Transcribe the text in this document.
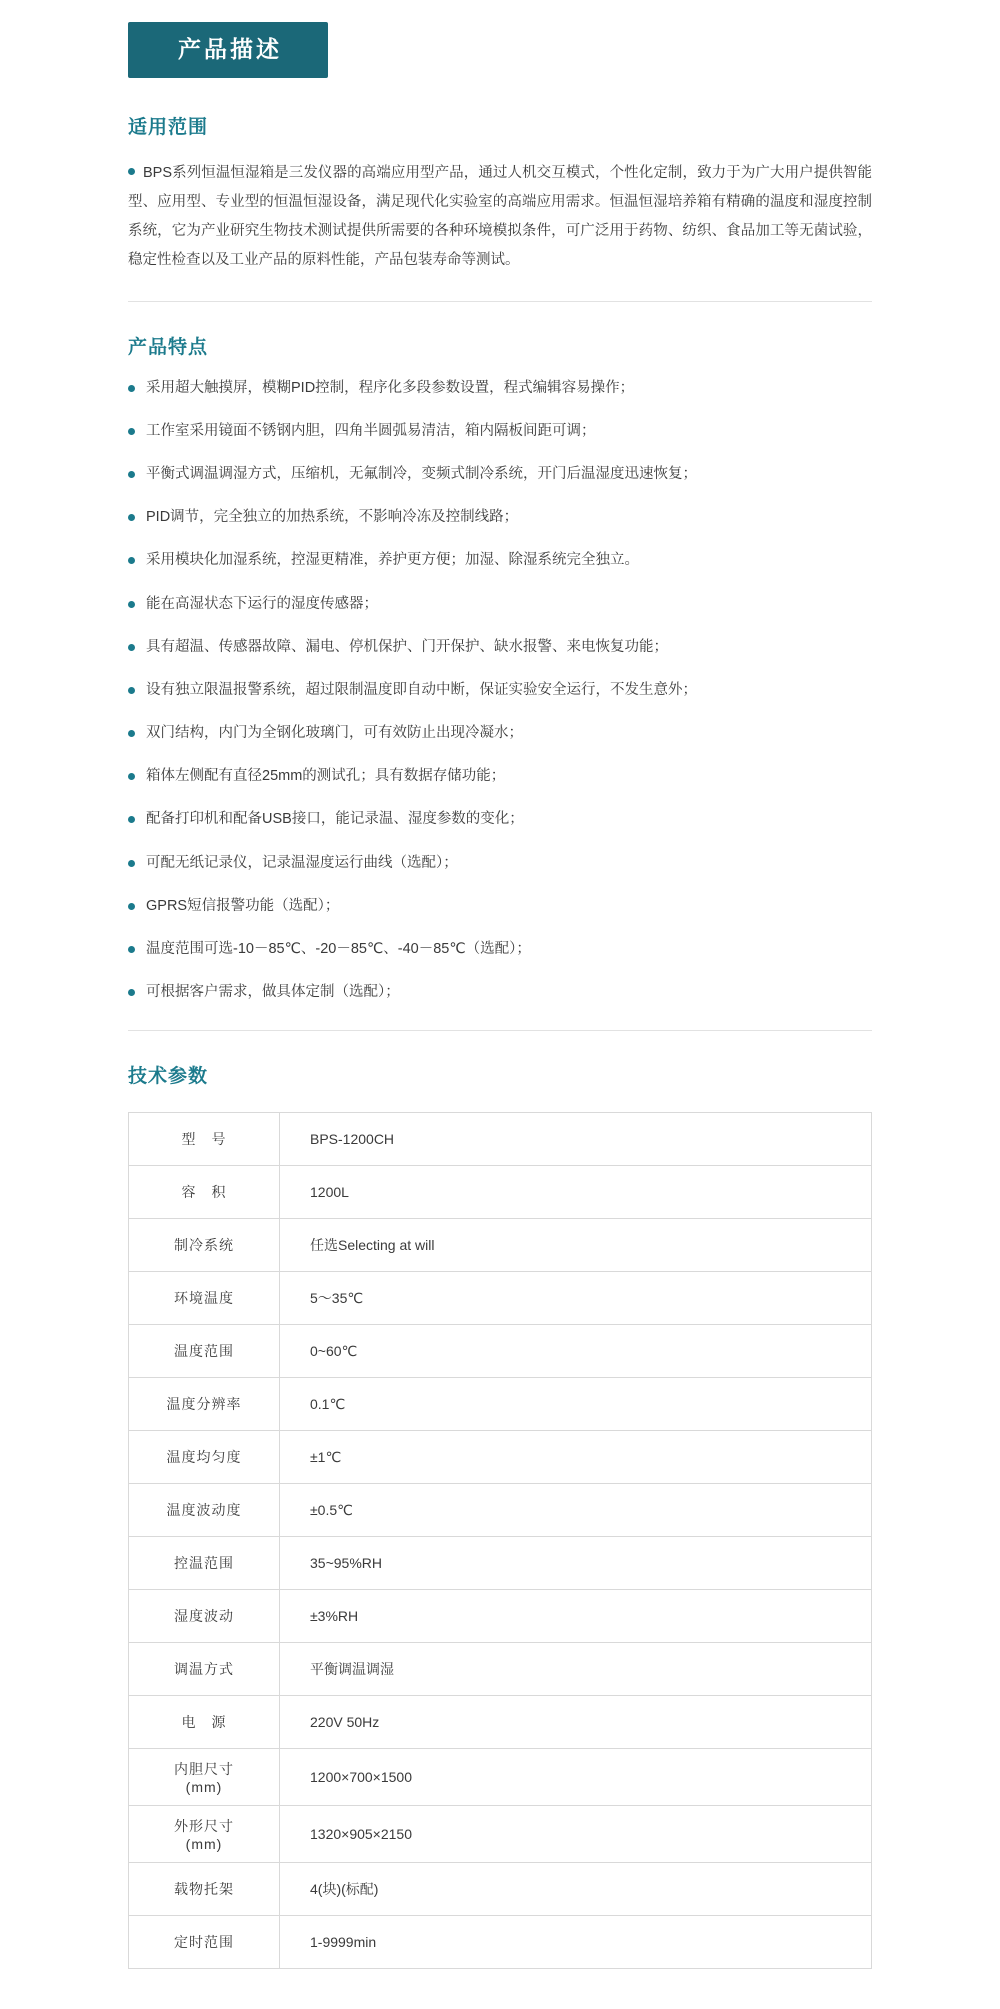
产品描述
适用范围

BPS系列恒温恒湿箱是三发仪器的高端应用型产品，通过人机交互模式，个性化定制，致力于为广大用户提供智能型、应用型、专业型的恒温恒湿设备，满足现代化实验室的高端应用需求。恒温恒湿培养箱有精确的温度和湿度控制系统，它为产业研究生物技术测试提供所需要的各种环境模拟条件，可广泛用于药物、纺织、食品加工等无菌试验，稳定性检查以及工业产品的原料性能，产品包装寿命等测试。

产品特点
采用超大触摸屏，模糊PID控制，程序化多段参数设置，程式编辑容易操作；
工作室采用镜面不锈钢内胆，四角半圆弧易清洁，箱内隔板间距可调；
平衡式调温调湿方式，压缩机，无氟制冷，变频式制冷系统，开门后温湿度迅速恢复；
PID调节，完全独立的加热系统，不影响冷冻及控制线路；
采用模块化加湿系统，控湿更精准，养护更方便；加湿、除湿系统完全独立。
能在高湿状态下运行的湿度传感器；
具有超温、传感器故障、漏电、停机保护、门开保护、缺水报警、来电恢复功能；
设有独立限温报警系统，超过限制温度即自动中断，保证实验安全运行，不发生意外；
双门结构，内门为全钢化玻璃门，可有效防止出现冷凝水；
箱体左侧配有直径25mm的测试孔；具有数据存储功能；
配备打印机和配备USB接口，能记录温、湿度参数的变化；
可配无纸记录仪，记录温湿度运行曲线（选配）；
GPRS短信报警功能（选配）；
温度范围可选-10－85℃、-20－85℃、-40－85℃（选配）；
可根据客户需求，做具体定制（选配）；
技术参数
型　号	BPS-1200CH
容　积	1200L
制冷系统	任选Selecting at will
环境温度	5～35℃
温度范围	0~60℃
温度分辨率	0.1℃
温度均匀度	±1℃
温度波动度	±0.5℃
控温范围	35~95%RH
湿度波动	±3%RH
调温方式	平衡调温调湿
电　源	220V 50Hz
内胆尺寸
(mm)	1200×700×1500
外形尺寸
(mm)	1320×905×2150
载物托架	4(块)(标配)
定时范围	1-9999min
